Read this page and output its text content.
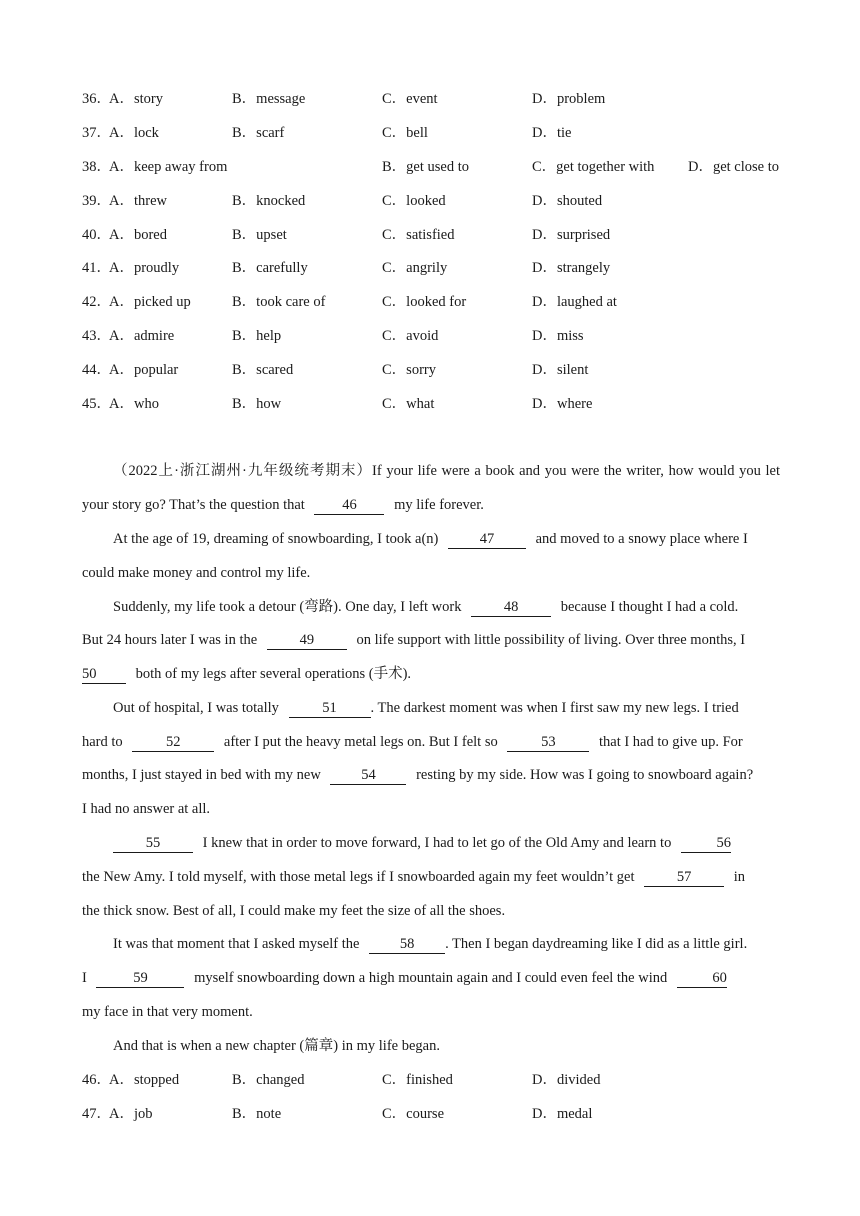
36．
A．story	B．message	C．event	D．problem
37．
A．lock	B．scarf	C．bell	D．tie
38．
A．keep away from	B．get used to	C．get together with D．get close to
39．
A．threw	B．knocked	C．looked	D．shouted
40．
A．bored	B．upset	C．satisfied	D．surprised
41．
A．proudly	B．carefully	C．angrily	D．strangely
42．
A．picked up	B．took care of	C．looked for	D．laughed at
43．
A．admire	B．help	C．avoid	D．miss
44．
A．popular	B．scared	C．sorry	D．silent
45．
A．who	B．how	C．what	D．where
（2022上·浙江湖州·九年级统考期末）If your life were a book and you were the writer, how would you let
your story go? That’s the question that	46	my life forever.
At the age of 19, dreaming of snowboarding, I took a(n)	47	and moved to a snowy place where I
could make money and control my life.
Suddenly, my life took a detour (弯路). One day, I left work	48	because I thought I had a cold.
But 24 hours later I was in the	49	on life support with little possibility of living. Over three months, I
50	both of my legs after several operations (手术).
Out of hospital, I was totally	51 . The darkest moment was when I first saw my new legs. I tried
hard to	52	after I put the heavy metal legs on. But I felt so	53	that I had to give up. For
months, I just stayed in bed with my new	54	resting by my side. How was I going to snowboard again?
I had no answer at all.
55	I knew that in order to move forward, I had to let go of the Old Amy and learn to	56
the New Amy. I told myself, with those metal legs if I snowboarded again my feet wouldn’t get	57	in
the thick snow. Best of all, I could make my feet the size of all the shoes.
It was that moment that I asked myself the	58 . Then I began daydreaming like I did as a little girl.
I	59	myself snowboarding down a high mountain again and I could even feel the wind	60
my face in that very moment.
And that is when a new chapter (篇章) in my life began.
46．
A．stopped	B．changed	C．finished	D．divided
47．
A．job	B．note	C．course	D．medal
